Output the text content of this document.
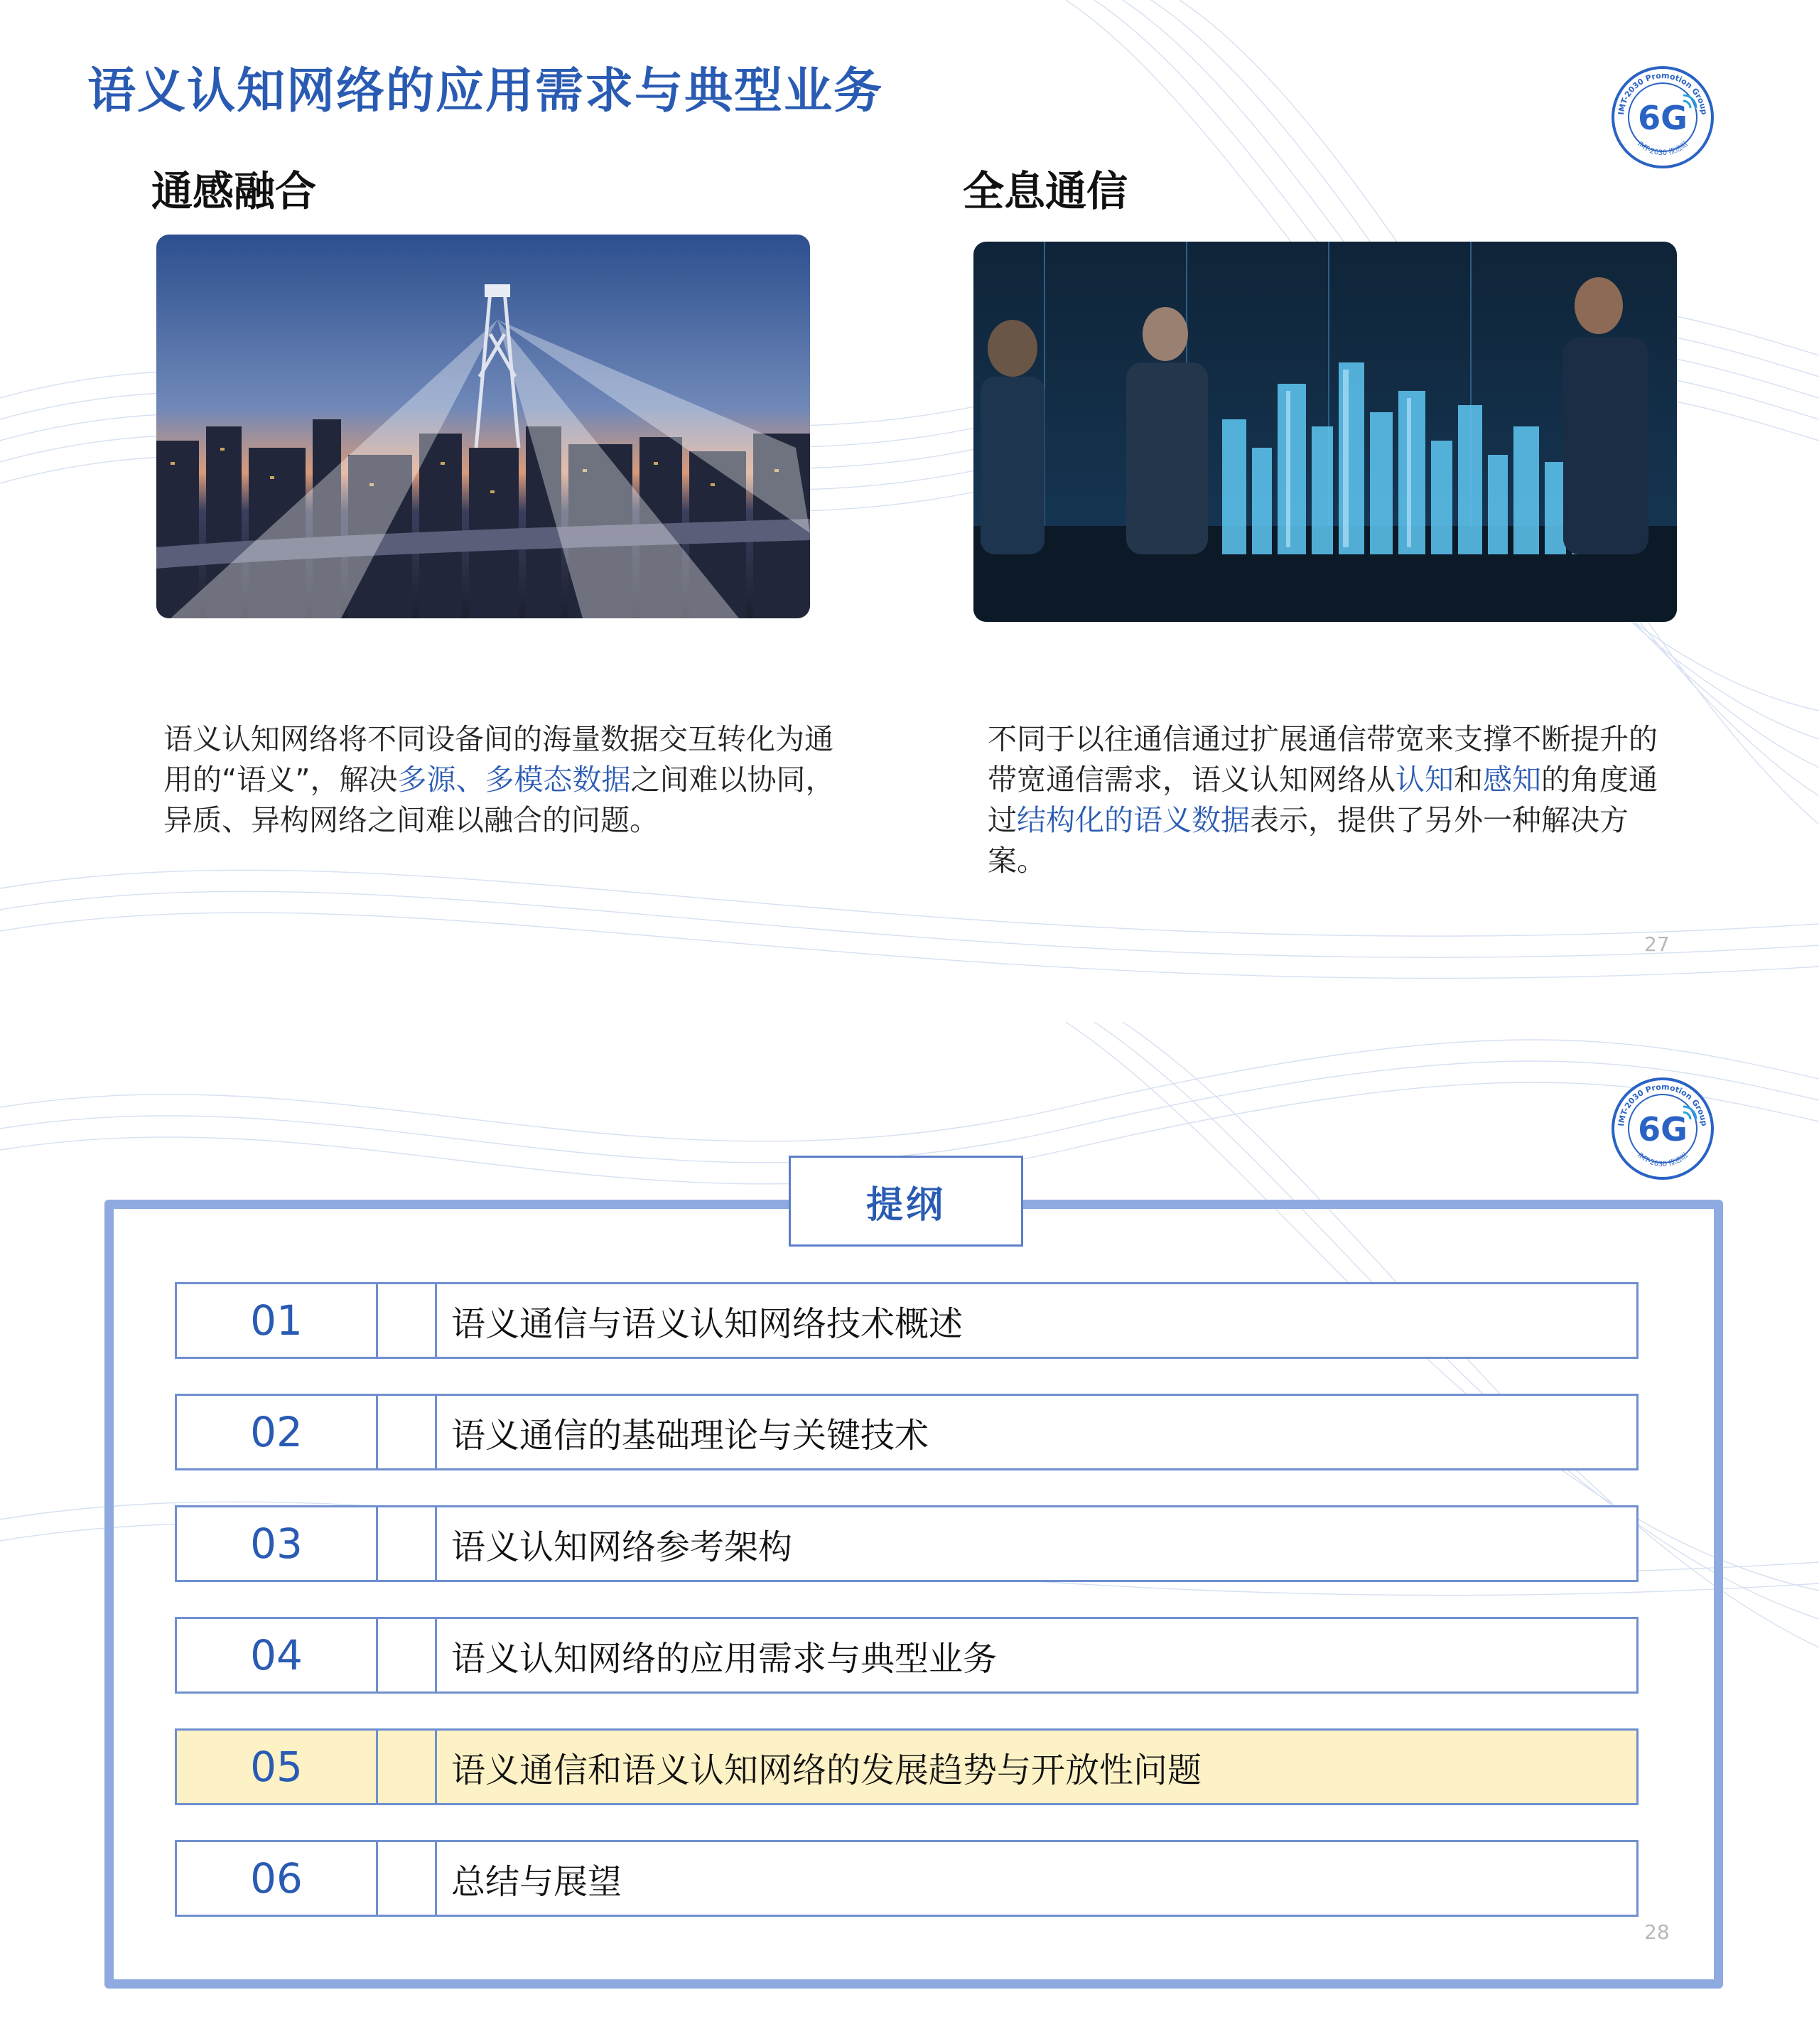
语义认知网络的应用需求与典型业务	IMT-2030 Promotion Group
IMT-2030 推进组
6G
通感融合	全息通信

语义认知网络将不同设备间的海量数据交互转化为通用的“语义”，解决多源、多模态数据之间难以协同，异质、异构网络之间难以融合的问题。

不同于以往通信通过扩展通信带宽来支撑不断提升的带宽通信需求，语义认知网络从认知和感知的角度通过结构化的语义数据表示，提供了另外一种解决方案。

27
IMT-2030 Promotion Group
IMT-2030 推进组
6G
提纲
01	语义通信与语义认知网络技术概述
02	语义通信的基础理论与关键技术
03	语义认知网络参考架构
04	语义认知网络的应用需求与典型业务
05	语义通信和语义认知网络的发展趋势与开放性问题
06	总结与展望
28
